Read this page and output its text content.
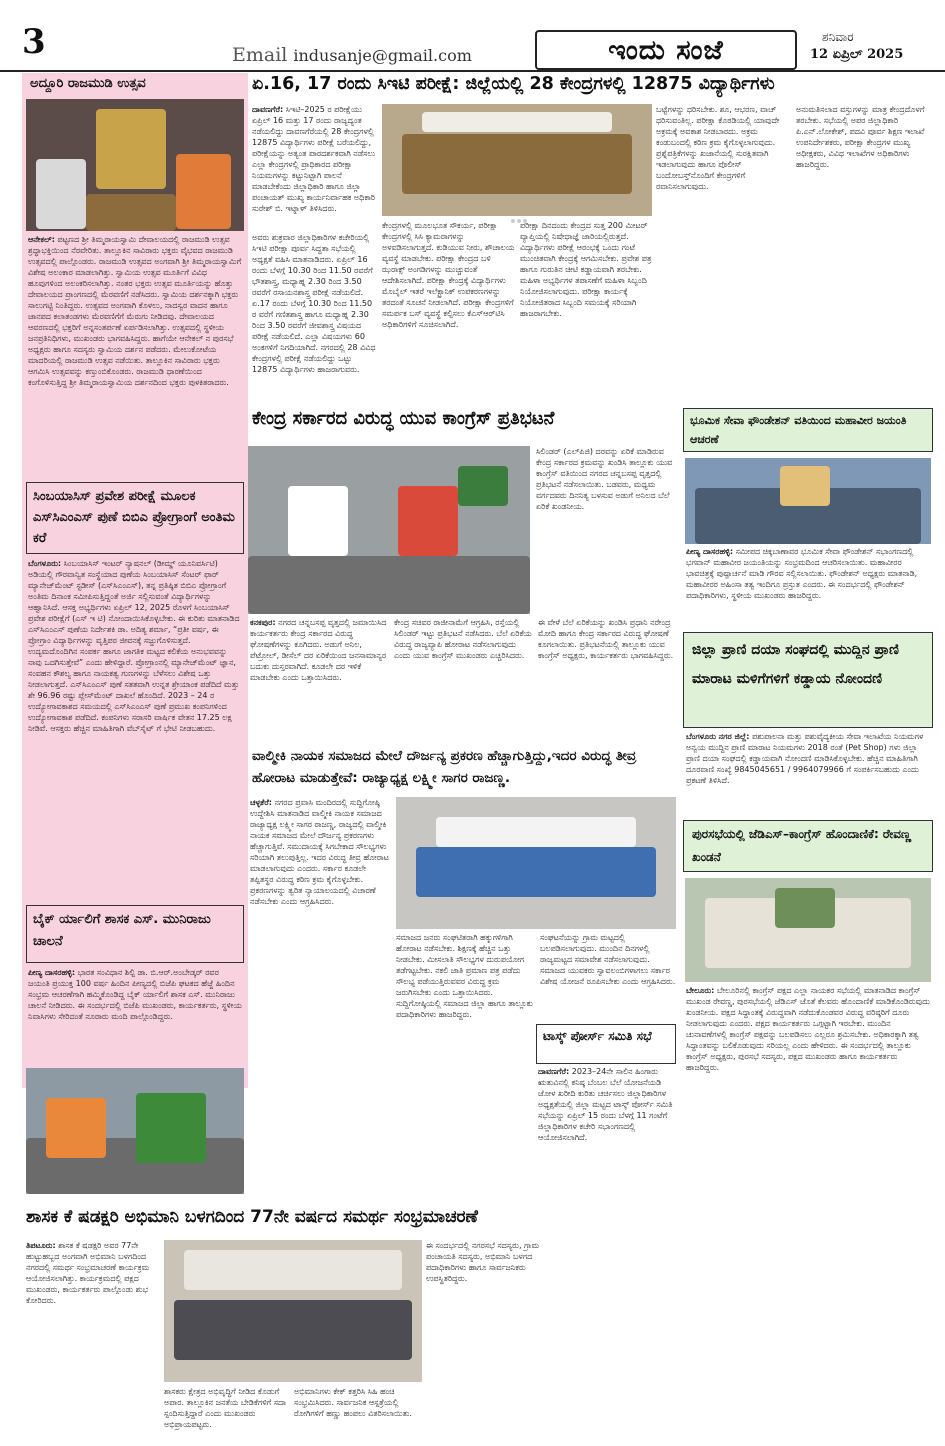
3	Email indusanje@gmail.com	ಇಂದು ಸಂಜೆ	ಶನಿವಾರ
12 ಏಪ್ರಿಲ್ 2025
ಅದ್ದೂರಿ ರಾಜಮುಡಿ ಉತ್ಸವ
ಆನೇಕಲ್: ಪಟ್ಟಣದ ಶ್ರೀ ತಿಮ್ಮರಾಯಸ್ವಾಮಿ ದೇವಾಲಯದಲ್ಲಿ ರಾಜಮುಡಿ ಉತ್ಸವ ಶ್ರದ್ಧಾಭಕ್ತಿಯಿಂದ ನೆರವೇರಿತು. ತಾಲ್ಲೂಕಿನ ಸಾವಿರಾರು ಭಕ್ತರು ವೈಭವದ ರಾಜಮುಡಿ ಉತ್ಸವದಲ್ಲಿ ಪಾಲ್ಗೊಂಡರು. ರಾಜಮುಡಿ ಉತ್ಸವದ ಅಂಗವಾಗಿ ಶ್ರೀ ತಿಮ್ಮರಾಯಸ್ವಾಮಿಗೆ ವಿಶೇಷ ಅಲಂಕಾರ ಮಾಡಲಾಗಿತ್ತು. ಸ್ವಾಮಿಯ ಉತ್ಸವ ಮೂರ್ತಿಗೆ ವಿವಿಧ ಹೂವುಗಳಿಂದ ಅಲಂಕರಿಸಲಾಗಿತ್ತು. ನಂತರ ಭಕ್ತರು ಉತ್ಸವ ಮೂರ್ತಿಯನ್ನು ಹೊತ್ತು ದೇವಾಲಯದ ಪ್ರಾಂಗಣದಲ್ಲಿ ಮೆರವಣಿಗೆ ನಡೆಸಿದರು. ಸ್ವಾಮಿಯ ದರ್ಶನಕ್ಕಾಗಿ ಭಕ್ತರು ಸಾಲುಗಟ್ಟಿ ನಿಂತಿದ್ದರು. ಉತ್ಸವದ ಅಂಗವಾಗಿ ಕೊಳಲು, ನಾದಸ್ವರ ವಾದನ ಹಾಗೂ ಜಾನಪದ ಕಲಾತಂಡಗಳು ಮೆರವಣಿಗೆಗೆ ಮೆರುಗು ನೀಡಿದವು. ದೇವಾಲಯದ ಆವರಣದಲ್ಲಿ ಭಕ್ತರಿಗೆ ಅನ್ನಸಂತರ್ಪಣೆ ಏರ್ಪಡಿಸಲಾಗಿತ್ತು. ಉತ್ಸವದಲ್ಲಿ ಸ್ಥಳೀಯ ಜನಪ್ರತಿನಿಧಿಗಳು, ಮುಖಂಡರು ಭಾಗವಹಿಸಿದ್ದರು. ಹಾಗೆಯೇ ಆನೇಕಲ್ ನ ಪುರಸಭೆ ಅಧ್ಯಕ್ಷರು ಹಾಗೂ ಸದಸ್ಯರು ಸ್ವಾಮಿಯ ದರ್ಶನ ಪಡೆದರು. ಮೇಲುಕೋಟೆಯ ಮಾದರಿಯಲ್ಲಿ ರಾಜಮುಡಿ ಉತ್ಸವ ನಡೆಯಿತು. ತಾಲ್ಲೂಕಿನ ಸಾವಿರಾರು ಭಕ್ತರು ಆಗಮಿಸಿ ಉತ್ಸವವನ್ನು ಕಣ್ತುಂಬಿಕೊಂಡರು. ರಾಜಮುಡಿ ಧಾರಣೆಯಿಂದ ಕಂಗೊಳಿಸುತ್ತಿದ್ದ ಶ್ರೀ ತಿಮ್ಮರಾಯಸ್ವಾಮಿಯ ದರ್ಶನದಿಂದ ಭಕ್ತರು ಪುಳಕಿತರಾದರು.
ಸಿಂಬಯಾಸಿಸ್ ಪ್ರವೇಶ ಪರೀಕ್ಷೆ ಮೂಲಕ ಎಸ್‌ಸಿಎಂಎಸ್ ಪುಣೆ ಬಿಬಿಎ ಪ್ರೋಗ್ರಾಂಗೆ ಅಂತಿಮ ಕರೆ
ಬೆಂಗಳೂರು: ಸಿಂಬಯಾಸಿಸ್ ಇಂಟರ್ ನ್ಯಾಷನಲ್ (ಡೀಮ್ಡ್ ಯೂನಿವರ್ಸಿಟಿ) ಅಡಿಯಲ್ಲಿ ಗೌರವಾನ್ವಿತ ಸಂಸ್ಥೆಯಾದ ಪುಣೆಯ ಸಿಂಬಯಾಸಿಸ್ ಸೆಂಟರ್ ಫಾರ್ ಮ್ಯಾನೇಜ್‌ಮೆಂಟ್ ಸ್ಟಡೀಸ್ (ಎಸ್‌ಸಿಎಂಎಸ್), ತನ್ನ ಪ್ರತಿಷ್ಠಿತ ಬಿಬಿಎ ಪ್ರೋಗ್ರಾಂಗೆ ಅಂತಿಮ ದಿನಾಂಕ ಸಮೀಪಿಸುತ್ತಿದ್ದಂತೆ ಅರ್ಜಿ ಸಲ್ಲಿಸುವಂತೆ ವಿದ್ಯಾರ್ಥಿಗಳನ್ನು ಆಹ್ವಾನಿಸಿದೆ. ಆಸಕ್ತ ಅಭ್ಯರ್ಥಿಗಳು ಏಪ್ರಿಲ್ 12, 2025 ರೊಳಗೆ ಸಿಂಬಯಾಸಿಸ್ ಪ್ರವೇಶ ಪರೀಕ್ಷೆಗೆ (ಎಸ್ ಇ ಟಿ) ನೋಂದಾಯಿಸಿಕೊಳ್ಳಬೇಕು. ಈ ಕುರಿತು ಮಾತನಾಡಿದ ಎಸ್‌ಸಿಎಂಎಸ್ ಪುಣೆಯ ನಿರ್ದೇಶಕಿ ಡಾ. ಅದಿತ್ಯ ಶರ್ಮಾ, “ಪ್ರತೀ ವರ್ಷ, ಈ ಪ್ರೋಗ್ರಾಂ ವಿದ್ಯಾರ್ಥಿಗಳನ್ನು ವೃತ್ತಿಪರ ಜೀವನಕ್ಕೆ ಸಜ್ಜುಗೊಳಿಸುತ್ತದೆ. ಉದ್ಯಮದೊಂದಿಗಿನ ಸಂಪರ್ಕ ಹಾಗೂ ಜಾಗತಿಕ ಮಟ್ಟದ ಕಲಿಕೆಯ ಅನುಭವವನ್ನು ನಾವು ಒದಗಿಸುತ್ತೇವೆ” ಎಂದು ಹೇಳಿದ್ದಾರೆ. ಪ್ರೋಗ್ರಾಂನಲ್ಲಿ ಮ್ಯಾನೇಜ್‌ಮೆಂಟ್ ಜ್ಞಾನ, ಸಂವಹನ ಕೌಶಲ್ಯ ಹಾಗೂ ನಾಯಕತ್ವ ಗುಣಗಳನ್ನು ಬೆಳೆಸಲು ವಿಶೇಷ ಒತ್ತು ನೀಡಲಾಗುತ್ತದೆ. ಎಸ್‌ಸಿಎಂಎಸ್ ಪುಣೆ ಸತತವಾಗಿ ಉನ್ನತ ಶ್ರೇಯಾಂಕ ಪಡೆದಿದೆ ಮತ್ತು ಶೇ 96.96 ರಷ್ಟು ಪ್ಲೇಸ್‌ಮೆಂಟ್ ದಾಖಲೆ ಹೊಂದಿದೆ. 2023 – 24 ರ ಉದ್ಯೋಗಾವಕಾಶದ ಸಮಯದಲ್ಲಿ ಎಸ್‌ಸಿಎಂಎಸ್ ಪುಣೆ ಪ್ರಮುಖ ಕಂಪನಿಗಳಿಂದ ಉದ್ಯೋಗಾವಕಾಶ ಪಡೆದಿದೆ. ಕಂಪನಿಗಳು ಸರಾಸರಿ ವಾರ್ಷಿಕ ವೇತನ 17.25 ಲಕ್ಷ ನೀಡಿವೆ. ಆಸಕ್ತರು ಹೆಚ್ಚಿನ ಮಾಹಿತಿಗಾಗಿ ವೆಬ್‌ಸೈಟ್ ಗೆ ಭೇಟಿ ನೀಡಬಹುದು.
ಬೈಕ್ ರ್ಯಾಲಿಗೆ ಶಾಸಕ ಎಸ್. ಮುನಿರಾಜು ಚಾಲನೆ
ಪೀಣ್ಯ ದಾಸರಹಳ್ಳಿ: ಭಾರತ ಸಂವಿಧಾನ ಶಿಲ್ಪಿ ಡಾ. ಬಿ.ಆರ್.ಅಂಬೇಡ್ಕರ್ ರವರ ಜಯಂತಿ ಪ್ರಯುಕ್ತ 100 ವರ್ಷ ಹಿಂದಿನ ಪೀಣ್ಯದಲ್ಲಿ ಬಿಜೆಪಿ ಘಟಕದ ಹೆಜ್ಜೆ ಹಿಂದಿನ ಸಂಭ್ರಮ ಆಚರಣೆಗಾಗಿ ಹಮ್ಮಿಕೊಂಡಿದ್ದ ಬೈಕ್ ರ್ಯಾಲಿಗೆ ಶಾಸಕ ಎಸ್. ಮುನಿರಾಜು ಚಾಲನೆ ನೀಡಿದರು. ಈ ಸಂದರ್ಭದಲ್ಲಿ ಬಿಜೆಪಿ ಮುಖಂಡರು, ಕಾರ್ಯಕರ್ತರು, ಸ್ಥಳೀಯ ನಿವಾಸಿಗಳು ಸೇರಿದಂತೆ ನೂರಾರು ಮಂದಿ ಪಾಲ್ಗೊಂಡಿದ್ದರು.
ಏ.16, 17 ರಂದು ಸಿಇಟಿ ಪರೀಕ್ಷೆ: ಜಿಲ್ಲೆಯಲ್ಲಿ 28 ಕೇಂದ್ರಗಳಲ್ಲಿ 12875 ವಿದ್ಯಾರ್ಥಿಗಳು
ದಾವಣಗೆರೆ: ಸಿಇಟಿ–2025 ರ ಪರೀಕ್ಷೆಯು ಏಪ್ರಿಲ್ 16 ಮತ್ತು 17 ರಂದು ರಾಜ್ಯದ್ಯಂತ ನಡೆಯಲಿದ್ದು ದಾವಣಗೆರೆಯಲ್ಲಿ 28 ಕೇಂದ್ರಗಳಲ್ಲಿ 12875 ವಿದ್ಯಾರ್ಥಿಗಳು ಪರೀಕ್ಷೆ ಬರೆಯಲಿದ್ದು, ಪರೀಕ್ಷೆಯನ್ನು ಅತ್ಯಂತ ಪಾರದರ್ಶಕವಾಗಿ ನಡೆಸಲು ಎಲ್ಲಾ ಕೇಂದ್ರಗಳಲ್ಲಿ ಪ್ರಾಧಿಕಾರದ ಪರೀಕ್ಷಾ ನಿಯಮಗಳನ್ನು ಕಟ್ಟುನಿಟ್ಟಾಗಿ ಪಾಲನೆ ಮಾಡಬೇಕೆಂದು ಜಿಲ್ಲಾಧಿಕಾರಿ ಹಾಗೂ ಜಿಲ್ಲಾ ಪಂಚಾಯತ್ ಮುಖ್ಯ ಕಾರ್ಯನಿರ್ವಾಹಕ ಅಧಿಕಾರಿ ಸುರೇಶ್ ಬಿ. ಇಟ್ನಾಳ್ ತಿಳಿಸಿದರು.
ಬಟ್ಟೆಗಳನ್ನು ಧರಿಸಬೇಕು. ಶೂ, ಆಭರಣ, ವಾಚ್ ಧರಿಸುವಂತಿಲ್ಲ. ಪರೀಕ್ಷಾ ಕೊಠಡಿಯಲ್ಲಿ ಯಾವುದೇ ಅಕ್ರಮಕ್ಕೆ ಅವಕಾಶ ನೀಡಬಾರದು. ಅಕ್ರಮ ಕಂಡುಬಂದಲ್ಲಿ ಕಠಿಣ ಕ್ರಮ ಕೈಗೊಳ್ಳಲಾಗುವುದು. ಪ್ರಶ್ನೆಪತ್ರಿಕೆಗಳನ್ನು ಖಜಾನೆಯಲ್ಲಿ ಸುರಕ್ಷಿತವಾಗಿ ಇಡಲಾಗುವುದು ಹಾಗೂ ಪೊಲೀಸ್ ಬಂದೋಬಸ್ತ್‌ನೊಂದಿಗೆ ಕೇಂದ್ರಗಳಿಗೆ ರವಾನಿಸಲಾಗುವುದು.
ಅನುಮತಿಸಲಾದ ವಸ್ತುಗಳನ್ನು ಮಾತ್ರ ಕೇಂದ್ರದೊಳಗೆ ತರಬೇಕು. ಸಭೆಯಲ್ಲಿ ಅಪರ ಜಿಲ್ಲಾಧಿಕಾರಿ ಪಿ.ಎನ್.ಲೋಕೇಶ್, ಪದವಿ ಪೂರ್ವ ಶಿಕ್ಷಣ ಇಲಾಖೆ ಉಪನಿರ್ದೇಶಕರು, ಪರೀಕ್ಷಾ ಕೇಂದ್ರಗಳ ಮುಖ್ಯ ಅಧೀಕ್ಷಕರು, ವಿವಿಧ ಇಲಾಖೆಗಳ ಅಧಿಕಾರಿಗಳು ಹಾಜರಿದ್ದರು.
ಅವರು ಶುಕ್ರವಾರ ಜಿಲ್ಲಾಧಿಕಾರಿಗಳ ಕಚೇರಿಯಲ್ಲಿ ಸಿಇಟಿ ಪರೀಕ್ಷಾ ಪೂರ್ವ ಸಿದ್ಧತಾ ಸಭೆಯಲ್ಲಿ ಅಧ್ಯಕ್ಷತೆ ವಹಿಸಿ ಮಾತನಾಡಿದರು. ಏಪ್ರಿಲ್ 16 ರಂದು ಬೆಳಗ್ಗೆ 10.30 ರಿಂದ 11.50 ರವರೆಗೆ ಭೌತಶಾಸ್ತ್ರ, ಮಧ್ಯಾಹ್ನ 2.30 ರಿಂದ 3.50 ರವರೆಗೆ ರಸಾಯನಶಾಸ್ತ್ರ ಪರೀಕ್ಷೆ ನಡೆಯಲಿದೆ. ಏ.17 ರಂದು ಬೆಳಗ್ಗೆ 10.30 ರಿಂದ 11.50 ರ ವರೆಗೆ ಗಣಿತಶಾಸ್ತ್ರ ಹಾಗೂ ಮಧ್ಯಾಹ್ನ 2.30 ರಿಂದ 3.50 ರವರೆಗೆ ಜೀವಶಾಸ್ತ್ರ ವಿಷಯದ ಪರೀಕ್ಷೆ ನಡೆಯಲಿದೆ. ಎಲ್ಲಾ ವಿಷಯಗಳು 60 ಅಂಕಗಳಿಗೆ ನಿಗದಿಯಾಗಿದೆ. ನಗರದಲ್ಲಿ 28 ವಿವಿಧ ಕೇಂದ್ರಗಳಲ್ಲಿ ಪರೀಕ್ಷೆ ನಡೆಯಲಿದ್ದು ಒಟ್ಟು 12875 ವಿದ್ಯಾರ್ಥಿಗಳು ಹಾಜರಾಗುವರು.
ಕೇಂದ್ರಗಳಲ್ಲಿ ಮೂಲಭೂತ ಸೌಕರ್ಯ, ಪರೀಕ್ಷಾ ಕೇಂದ್ರಗಳಲ್ಲಿ ಸಿಸಿ ಕ್ಯಾಮರಾಗಳನ್ನು ಅಳವಡಿಸಲಾಗುತ್ತದೆ. ಕುಡಿಯುವ ನೀರು, ಶೌಚಾಲಯ ವ್ಯವಸ್ಥೆ ಮಾಡಬೇಕು. ಪರೀಕ್ಷಾ ಕೇಂದ್ರದ ಬಳಿ ಝರಾಕ್ಸ್ ಅಂಗಡಿಗಳನ್ನು ಮುಚ್ಚುವಂತೆ ಆದೇಶಿಸಲಾಗಿದೆ. ಪರೀಕ್ಷಾ ಕೇಂದ್ರಕ್ಕೆ ವಿದ್ಯಾರ್ಥಿಗಳು ಮೊಬೈಲ್ ಇತರೆ ಇಲೆಕ್ಟ್ರಾನಿಕ್ ಉಪಕರಣಗಳನ್ನು ತರದಂತೆ ಸೂಚನೆ ನೀಡಲಾಗಿದೆ. ಪರೀಕ್ಷಾ ಕೇಂದ್ರಗಳಿಗೆ ಸಮರ್ಪಕ ಬಸ್ ವ್ಯವಸ್ಥೆ ಕಲ್ಪಿಸಲು ಕೆಎಸ್ಆರ್‌ಟಿಸಿ ಅಧಿಕಾರಿಗಳಿಗೆ ಸೂಚಿಸಲಾಗಿದೆ.
ಪರೀಕ್ಷಾ ದಿನದಂದು ಕೇಂದ್ರದ ಸುತ್ತ 200 ಮೀಟರ್ ವ್ಯಾಪ್ತಿಯಲ್ಲಿ ನಿಷೇಧಾಜ್ಞೆ ಜಾರಿಯಲ್ಲಿರುತ್ತದೆ. ವಿದ್ಯಾರ್ಥಿಗಳು ಪರೀಕ್ಷೆ ಆರಂಭಕ್ಕೆ ಒಂದು ಗಂಟೆ ಮುಂಚಿತವಾಗಿ ಕೇಂದ್ರಕ್ಕೆ ಆಗಮಿಸಬೇಕು. ಪ್ರವೇಶ ಪತ್ರ ಹಾಗೂ ಗುರುತಿನ ಚೀಟಿ ಕಡ್ಡಾಯವಾಗಿ ತರಬೇಕು. ಮಹಿಳಾ ಅಭ್ಯರ್ಥಿಗಳ ತಪಾಸಣೆಗೆ ಮಹಿಳಾ ಸಿಬ್ಬಂದಿ ನಿಯೋಜಿಸಲಾಗುವುದು. ಪರೀಕ್ಷಾ ಕಾರ್ಯಕ್ಕೆ ನಿಯೋಜಿತರಾದ ಸಿಬ್ಬಂದಿ ಸಮಯಕ್ಕೆ ಸರಿಯಾಗಿ ಹಾಜರಾಗಬೇಕು.
ಕೇಂದ್ರ ಸರ್ಕಾರದ ವಿರುದ್ಧ ಯುವ ಕಾಂಗ್ರೆಸ್ ಪ್ರತಿಭಟನೆ
ಸಿಲಿಂಡರ್ (ಎಲ್‌ಪಿಜಿ) ದರವನ್ನು ಏರಿಕೆ ಮಾಡಿರುವ ಕೇಂದ್ರ ಸರ್ಕಾರದ ಕ್ರಮವನ್ನು ಖಂಡಿಸಿ ತಾಲ್ಲೂಕು ಯುವ ಕಾಂಗ್ರೆಸ್ ವತಿಯಿಂದ ನಗರದ ಚನ್ನಬಸಪ್ಪ ವೃತ್ತದಲ್ಲಿ ಪ್ರತಿಭಟನೆ ನಡೆಸಲಾಯಿತು. ಬಡವರು, ಮಧ್ಯಮ ವರ್ಗದವರು ದಿನನಿತ್ಯ ಬಳಸುವ ಅಡುಗೆ ಅನಿಲದ ಬೆಲೆ ಏರಿಕೆ ಖಂಡನೀಯ.
ಕನಕಪುರ: ನಗರದ ಚನ್ನಬಸಪ್ಪ ವೃತ್ತದಲ್ಲಿ ಜಮಾಯಿಸಿದ ಕಾರ್ಯಕರ್ತರು ಕೇಂದ್ರ ಸರ್ಕಾರದ ವಿರುದ್ಧ ಘೋಷಣೆಗಳನ್ನು ಕೂಗಿದರು. ಅಡುಗೆ ಅನಿಲ, ಪೆಟ್ರೋಲ್, ಡೀಸೆಲ್ ದರ ಏರಿಕೆಯಿಂದ ಜನಸಾಮಾನ್ಯರ ಬದುಕು ದುಸ್ತರವಾಗಿದೆ. ಕೂಡಲೇ ದರ ಇಳಿಕೆ ಮಾಡಬೇಕು ಎಂದು ಒತ್ತಾಯಿಸಿದರು.
ಕೇಂದ್ರ ಸಚಿವರ ರಾಜೀನಾಮೆಗೆ ಆಗ್ರಹಿಸಿ, ರಸ್ತೆಯಲ್ಲಿ ಸಿಲಿಂಡರ್ ಇಟ್ಟು ಪ್ರತಿಭಟನೆ ನಡೆಸಿದರು. ಬೆಲೆ ಏರಿಕೆಯ ವಿರುದ್ಧ ರಾಜ್ಯವ್ಯಾಪಿ ಹೋರಾಟ ನಡೆಸಲಾಗುವುದು ಎಂದು ಯುವ ಕಾಂಗ್ರೆಸ್ ಮುಖಂಡರು ಎಚ್ಚರಿಸಿದರು.
ಈ ವೇಳೆ ಬೆಲೆ ಏರಿಕೆಯನ್ನು ಖಂಡಿಸಿ ಪ್ರಧಾನಿ ನರೇಂದ್ರ ಮೋದಿ ಹಾಗೂ ಕೇಂದ್ರ ಸರ್ಕಾರದ ವಿರುದ್ಧ ಘೋಷಣೆ ಕೂಗಲಾಯಿತು. ಪ್ರತಿಭಟನೆಯಲ್ಲಿ ತಾಲ್ಲೂಕು ಯುವ ಕಾಂಗ್ರೆಸ್ ಅಧ್ಯಕ್ಷರು, ಕಾರ್ಯಕರ್ತರು ಭಾಗವಹಿಸಿದ್ದರು.
ವಾಲ್ಮೀಕಿ ನಾಯಕ ಸಮಾಜದ ಮೇಲೆ ದೌರ್ಜನ್ಯ ಪ್ರಕರಣ ಹೆಚ್ಚಾಗುತ್ತಿದ್ದು,ಇದರ ವಿರುದ್ಧ ತೀವ್ರ ಹೋರಾಟ ಮಾಡುತ್ತೇವೆ: ರಾಜ್ಯಾಧ್ಯಕ್ಷ ಲಕ್ಷ್ಮೀ ಸಾಗರ ರಾಜಣ್ಣ.
ಚಳ್ಳಕೆರೆ: ನಗರದ ಪ್ರವಾಸಿ ಮಂದಿರದಲ್ಲಿ ಸುದ್ದಿಗೋಷ್ಠಿ ಉದ್ದೇಶಿಸಿ ಮಾತನಾಡಿದ ವಾಲ್ಮೀಕಿ ನಾಯಕ ಸಮಾಜದ ರಾಜ್ಯಾಧ್ಯಕ್ಷ ಲಕ್ಷ್ಮೀ ಸಾಗರ ರಾಜಣ್ಣ, ರಾಜ್ಯದಲ್ಲಿ ವಾಲ್ಮೀಕಿ ನಾಯಕ ಸಮಾಜದ ಮೇಲೆ ದೌರ್ಜನ್ಯ ಪ್ರಕರಣಗಳು ಹೆಚ್ಚಾಗುತ್ತಿವೆ. ಸಮುದಾಯಕ್ಕೆ ಸಿಗಬೇಕಾದ ಸೌಲಭ್ಯಗಳು ಸರಿಯಾಗಿ ತಲುಪುತ್ತಿಲ್ಲ. ಇದರ ವಿರುದ್ಧ ತೀವ್ರ ಹೋರಾಟ ಮಾಡಲಾಗುವುದು ಎಂದರು. ಸರ್ಕಾರ ಕೂಡಲೇ ತಪ್ಪಿತಸ್ಥರ ವಿರುದ್ಧ ಕಠಿಣ ಕ್ರಮ ಕೈಗೊಳ್ಳಬೇಕು. ಪ್ರಕರಣಗಳನ್ನು ತ್ವರಿತ ನ್ಯಾಯಾಲಯದಲ್ಲಿ ವಿಚಾರಣೆ ನಡೆಸಬೇಕು ಎಂದು ಆಗ್ರಹಿಸಿದರು.
ಸಮಾಜದ ಜನರು ಸಂಘಟಿತರಾಗಿ ಹಕ್ಕುಗಳಿಗಾಗಿ ಹೋರಾಟ ನಡೆಸಬೇಕು. ಶಿಕ್ಷಣಕ್ಕೆ ಹೆಚ್ಚಿನ ಒತ್ತು ನೀಡಬೇಕು. ಮೀಸಲಾತಿ ಸೌಲಭ್ಯಗಳ ದುರುಪಯೋಗ ತಡೆಗಟ್ಟಬೇಕು. ನಕಲಿ ಜಾತಿ ಪ್ರಮಾಣ ಪತ್ರ ಪಡೆದು ಸೌಲಭ್ಯ ಪಡೆಯುತ್ತಿರುವವರ ವಿರುದ್ಧ ಕ್ರಮ ಜರುಗಿಸಬೇಕು ಎಂದು ಒತ್ತಾಯಿಸಿದರು. ಸುದ್ದಿಗೋಷ್ಠಿಯಲ್ಲಿ ಸಮಾಜದ ಜಿಲ್ಲಾ ಹಾಗೂ ತಾಲ್ಲೂಕು ಪದಾಧಿಕಾರಿಗಳು ಹಾಜರಿದ್ದರು.
ಸಂಘಟನೆಯನ್ನು ಗ್ರಾಮ ಮಟ್ಟದಲ್ಲಿ ಬಲಪಡಿಸಲಾಗುವುದು. ಮುಂದಿನ ದಿನಗಳಲ್ಲಿ ರಾಜ್ಯಮಟ್ಟದ ಸಮಾವೇಶ ನಡೆಸಲಾಗುವುದು. ಸಮಾಜದ ಯುವಕರು ಸ್ವಾವಲಂಬಿಗಳಾಗಲು ಸರ್ಕಾರ ವಿಶೇಷ ಯೋಜನೆ ರೂಪಿಸಬೇಕು ಎಂದು ಆಗ್ರಹಿಸಿದರು.
ಟಾಸ್ಕ್ ಪೋರ್ಸ್ ಸಮಿತಿ ಸಭೆ
ದಾವಣಗೆರೆ: 2023–24ನೇ ಸಾಲಿನ ಹಿಂಗಾರು ಋತುವಿನಲ್ಲಿ ಕನಿಷ್ಠ ಬೆಂಬಲ ಬೆಲೆ ಯೋಜನೆಯಡಿ ಜೋಳ ಖರೀದಿ ಕುರಿತು ಚರ್ಚಿಸಲು ಜಿಲ್ಲಾಧಿಕಾರಿಗಳ ಅಧ್ಯಕ್ಷತೆಯಲ್ಲಿ ಜಿಲ್ಲಾ ಮಟ್ಟದ ಟಾಸ್ಕ್ ಪೋರ್ಸ್ ಸಮಿತಿ ಸಭೆಯನ್ನು ಏಪ್ರಿಲ್ 15 ರಂದು ಬೆಳಗ್ಗೆ 11 ಗಂಟೆಗೆ ಜಿಲ್ಲಾಧಿಕಾರಿಗಳ ಕಚೇರಿ ಸಭಾಂಗಣದಲ್ಲಿ ಆಯೋಜಿಸಲಾಗಿದೆ.
ಭೂಮಿಕ ಸೇವಾ ಫೌಂಡೇಶನ್ ವತಿಯಿಂದ ಮಹಾವೀರ ಜಯಂತಿ ಆಚರಣೆ
ಪೀಣ್ಯ ದಾಸರಹಳ್ಳಿ: ಸಮೀಪದ ಚಿಕ್ಕಬಾಣಾವರ ಭೂಮಿಕ ಸೇವಾ ಫೌಂಡೇಶನ್ ಸಭಾಂಗಣದಲ್ಲಿ ಭಗವಾನ್ ಮಹಾವೀರ ಜಯಂತಿಯನ್ನು ಸಂಭ್ರಮದಿಂದ ಆಚರಿಸಲಾಯಿತು. ಮಹಾವೀರರ ಭಾವಚಿತ್ರಕ್ಕೆ ಪುಷ್ಪಾರ್ಚನೆ ಮಾಡಿ ಗೌರವ ಸಲ್ಲಿಸಲಾಯಿತು. ಫೌಂಡೇಶನ್ ಅಧ್ಯಕ್ಷರು ಮಾತನಾಡಿ, ಮಹಾವೀರರ ಅಹಿಂಸಾ ತತ್ವ ಇಂದಿಗೂ ಪ್ರಸ್ತುತ ಎಂದರು. ಈ ಸಂದರ್ಭದಲ್ಲಿ ಫೌಂಡೇಶನ್ ಪದಾಧಿಕಾರಿಗಳು, ಸ್ಥಳೀಯ ಮುಖಂಡರು ಹಾಜರಿದ್ದರು.
ಜಿಲ್ಲಾ ಪ್ರಾಣಿ ದಯಾ ಸಂಘದಲ್ಲಿ ಮುದ್ದಿನ ಪ್ರಾಣಿ ಮಾರಾಟ ಮಳಿಗೆಗಳಿಗೆ ಕಡ್ಡಾಯ ನೋಂದಣಿ
ಬೆಂಗಳೂರು ನಗರ ಜಿಲ್ಲೆ: ಪಶುಪಾಲನಾ ಮತ್ತು ಪಶುವೈದ್ಯಕೀಯ ಸೇವಾ ಇಲಾಖೆಯ ನಿಯಮಗಳ ಅನ್ವಯ ಮುದ್ದಿನ ಪ್ರಾಣಿ ಮಾರಾಟ ನಿಯಮಗಳು 2018 ರಂತೆ (Pet Shop) ಗಳು ಜಿಲ್ಲಾ ಪ್ರಾಣಿ ದಯಾ ಸಂಘದಲ್ಲಿ ಕಡ್ಡಾಯವಾಗಿ ನೋಂದಣಿ ಮಾಡಿಸಿಕೊಳ್ಳಬೇಕು. ಹೆಚ್ಚಿನ ಮಾಹಿತಿಗಾಗಿ ದೂರವಾಣಿ ಸಂಖ್ಯೆ 9845045651 / 9964079966 ಗೆ ಸಂಪರ್ಕಿಸಬಹುದು ಎಂದು ಪ್ರಕಟಣೆ ತಿಳಿಸಿದೆ.
ಪುರಸಭೆಯಲ್ಲಿ ಜೆಡಿಎಸ್–ಕಾಂಗ್ರೆಸ್ ಹೊಂದಾಣಿಕೆ: ರೇವಣ್ಣ ಖಂಡನೆ
ಬೇಲೂರು: ಬೇಲೂರಿನಲ್ಲಿ ಕಾಂಗ್ರೆಸ್ ಪಕ್ಷದ ಎಲ್ಲಾ ನಾಯಕರ ಸಭೆಯಲ್ಲಿ ಮಾತನಾಡಿದ ಕಾಂಗ್ರೆಸ್ ಮುಖಂಡ ರೇವಣ್ಣ, ಪುರಸಭೆಯಲ್ಲಿ ಜೆಡಿಎಸ್ ಜೊತೆ ಕೆಲವರು ಹೊಂದಾಣಿಕೆ ಮಾಡಿಕೊಂಡಿರುವುದು ಖಂಡನೀಯ. ಪಕ್ಷದ ಸಿದ್ಧಾಂತಕ್ಕೆ ವಿರುದ್ಧವಾಗಿ ನಡೆದುಕೊಂಡವರ ವಿರುದ್ಧ ವರಿಷ್ಠರಿಗೆ ದೂರು ನೀಡಲಾಗುವುದು ಎಂದರು. ಪಕ್ಷದ ಕಾರ್ಯಕರ್ತರು ಒಗ್ಗಟ್ಟಾಗಿ ಇರಬೇಕು. ಮುಂದಿನ ಚುನಾವಣೆಗಳಲ್ಲಿ ಕಾಂಗ್ರೆಸ್ ಪಕ್ಷವನ್ನು ಬಲಪಡಿಸಲು ಎಲ್ಲರೂ ಶ್ರಮಿಸಬೇಕು. ಅಧಿಕಾರಕ್ಕಾಗಿ ತತ್ವ ಸಿದ್ಧಾಂತವನ್ನು ಬಲಿಕೊಡುವುದು ಸರಿಯಲ್ಲ ಎಂದು ಹೇಳಿದರು. ಈ ಸಂದರ್ಭದಲ್ಲಿ ತಾಲ್ಲೂಕು ಕಾಂಗ್ರೆಸ್ ಅಧ್ಯಕ್ಷರು, ಪುರಸಭೆ ಸದಸ್ಯರು, ಪಕ್ಷದ ಮುಖಂಡರು ಹಾಗೂ ಕಾರ್ಯಕರ್ತರು ಹಾಜರಿದ್ದರು.
ಶಾಸಕ ಕೆ ಷಡಕ್ಷರಿ ಅಭಿಮಾನಿ ಬಳಗದಿಂದ 77ನೇ ವರ್ಷದ ಸಮರ್ಥ ಸಂಭ್ರಮಾಚರಣೆ
ತಿಪಟೂರು: ಶಾಸಕ ಕೆ ಷಡಕ್ಷರಿ ಅವರ 77ನೇ ಹುಟ್ಟುಹಬ್ಬದ ಅಂಗವಾಗಿ ಅಭಿಮಾನಿ ಬಳಗದಿಂದ ನಗರದಲ್ಲಿ ಸಮರ್ಥ ಸಂಭ್ರಮಾಚರಣೆ ಕಾರ್ಯಕ್ರಮ ಆಯೋಜಿಸಲಾಗಿತ್ತು. ಕಾರ್ಯಕ್ರಮದಲ್ಲಿ ಪಕ್ಷದ ಮುಖಂಡರು, ಕಾರ್ಯಕರ್ತರು ಪಾಲ್ಗೊಂಡು ಶುಭ ಕೋರಿದರು.
ಶಾಸಕರು ಕ್ಷೇತ್ರದ ಅಭಿವೃದ್ಧಿಗೆ ನೀಡಿದ ಕೊಡುಗೆ ಅಪಾರ. ತಾಲ್ಲೂಕಿನ ಜನತೆಯ ಬೇಡಿಕೆಗಳಿಗೆ ಸದಾ ಸ್ಪಂದಿಸುತ್ತಿದ್ದಾರೆ ಎಂದು ಮುಖಂಡರು ಅಭಿಪ್ರಾಯಪಟ್ಟರು.
ಅಭಿಮಾನಿಗಳು ಕೇಕ್ ಕತ್ತರಿಸಿ ಸಿಹಿ ಹಂಚಿ ಸಂಭ್ರಮಿಸಿದರು. ಸಾರ್ವಜನಿಕ ಆಸ್ಪತ್ರೆಯಲ್ಲಿ ರೋಗಿಗಳಿಗೆ ಹಣ್ಣು ಹಂಪಲು ವಿತರಿಸಲಾಯಿತು.
ಈ ಸಂದರ್ಭದಲ್ಲಿ ನಗರಸಭೆ ಸದಸ್ಯರು, ಗ್ರಾಮ ಪಂಚಾಯತಿ ಸದಸ್ಯರು, ಅಭಿಮಾನಿ ಬಳಗದ ಪದಾಧಿಕಾರಿಗಳು ಹಾಗೂ ಸಾರ್ವಜನಿಕರು ಉಪಸ್ಥಿತರಿದ್ದರು.
